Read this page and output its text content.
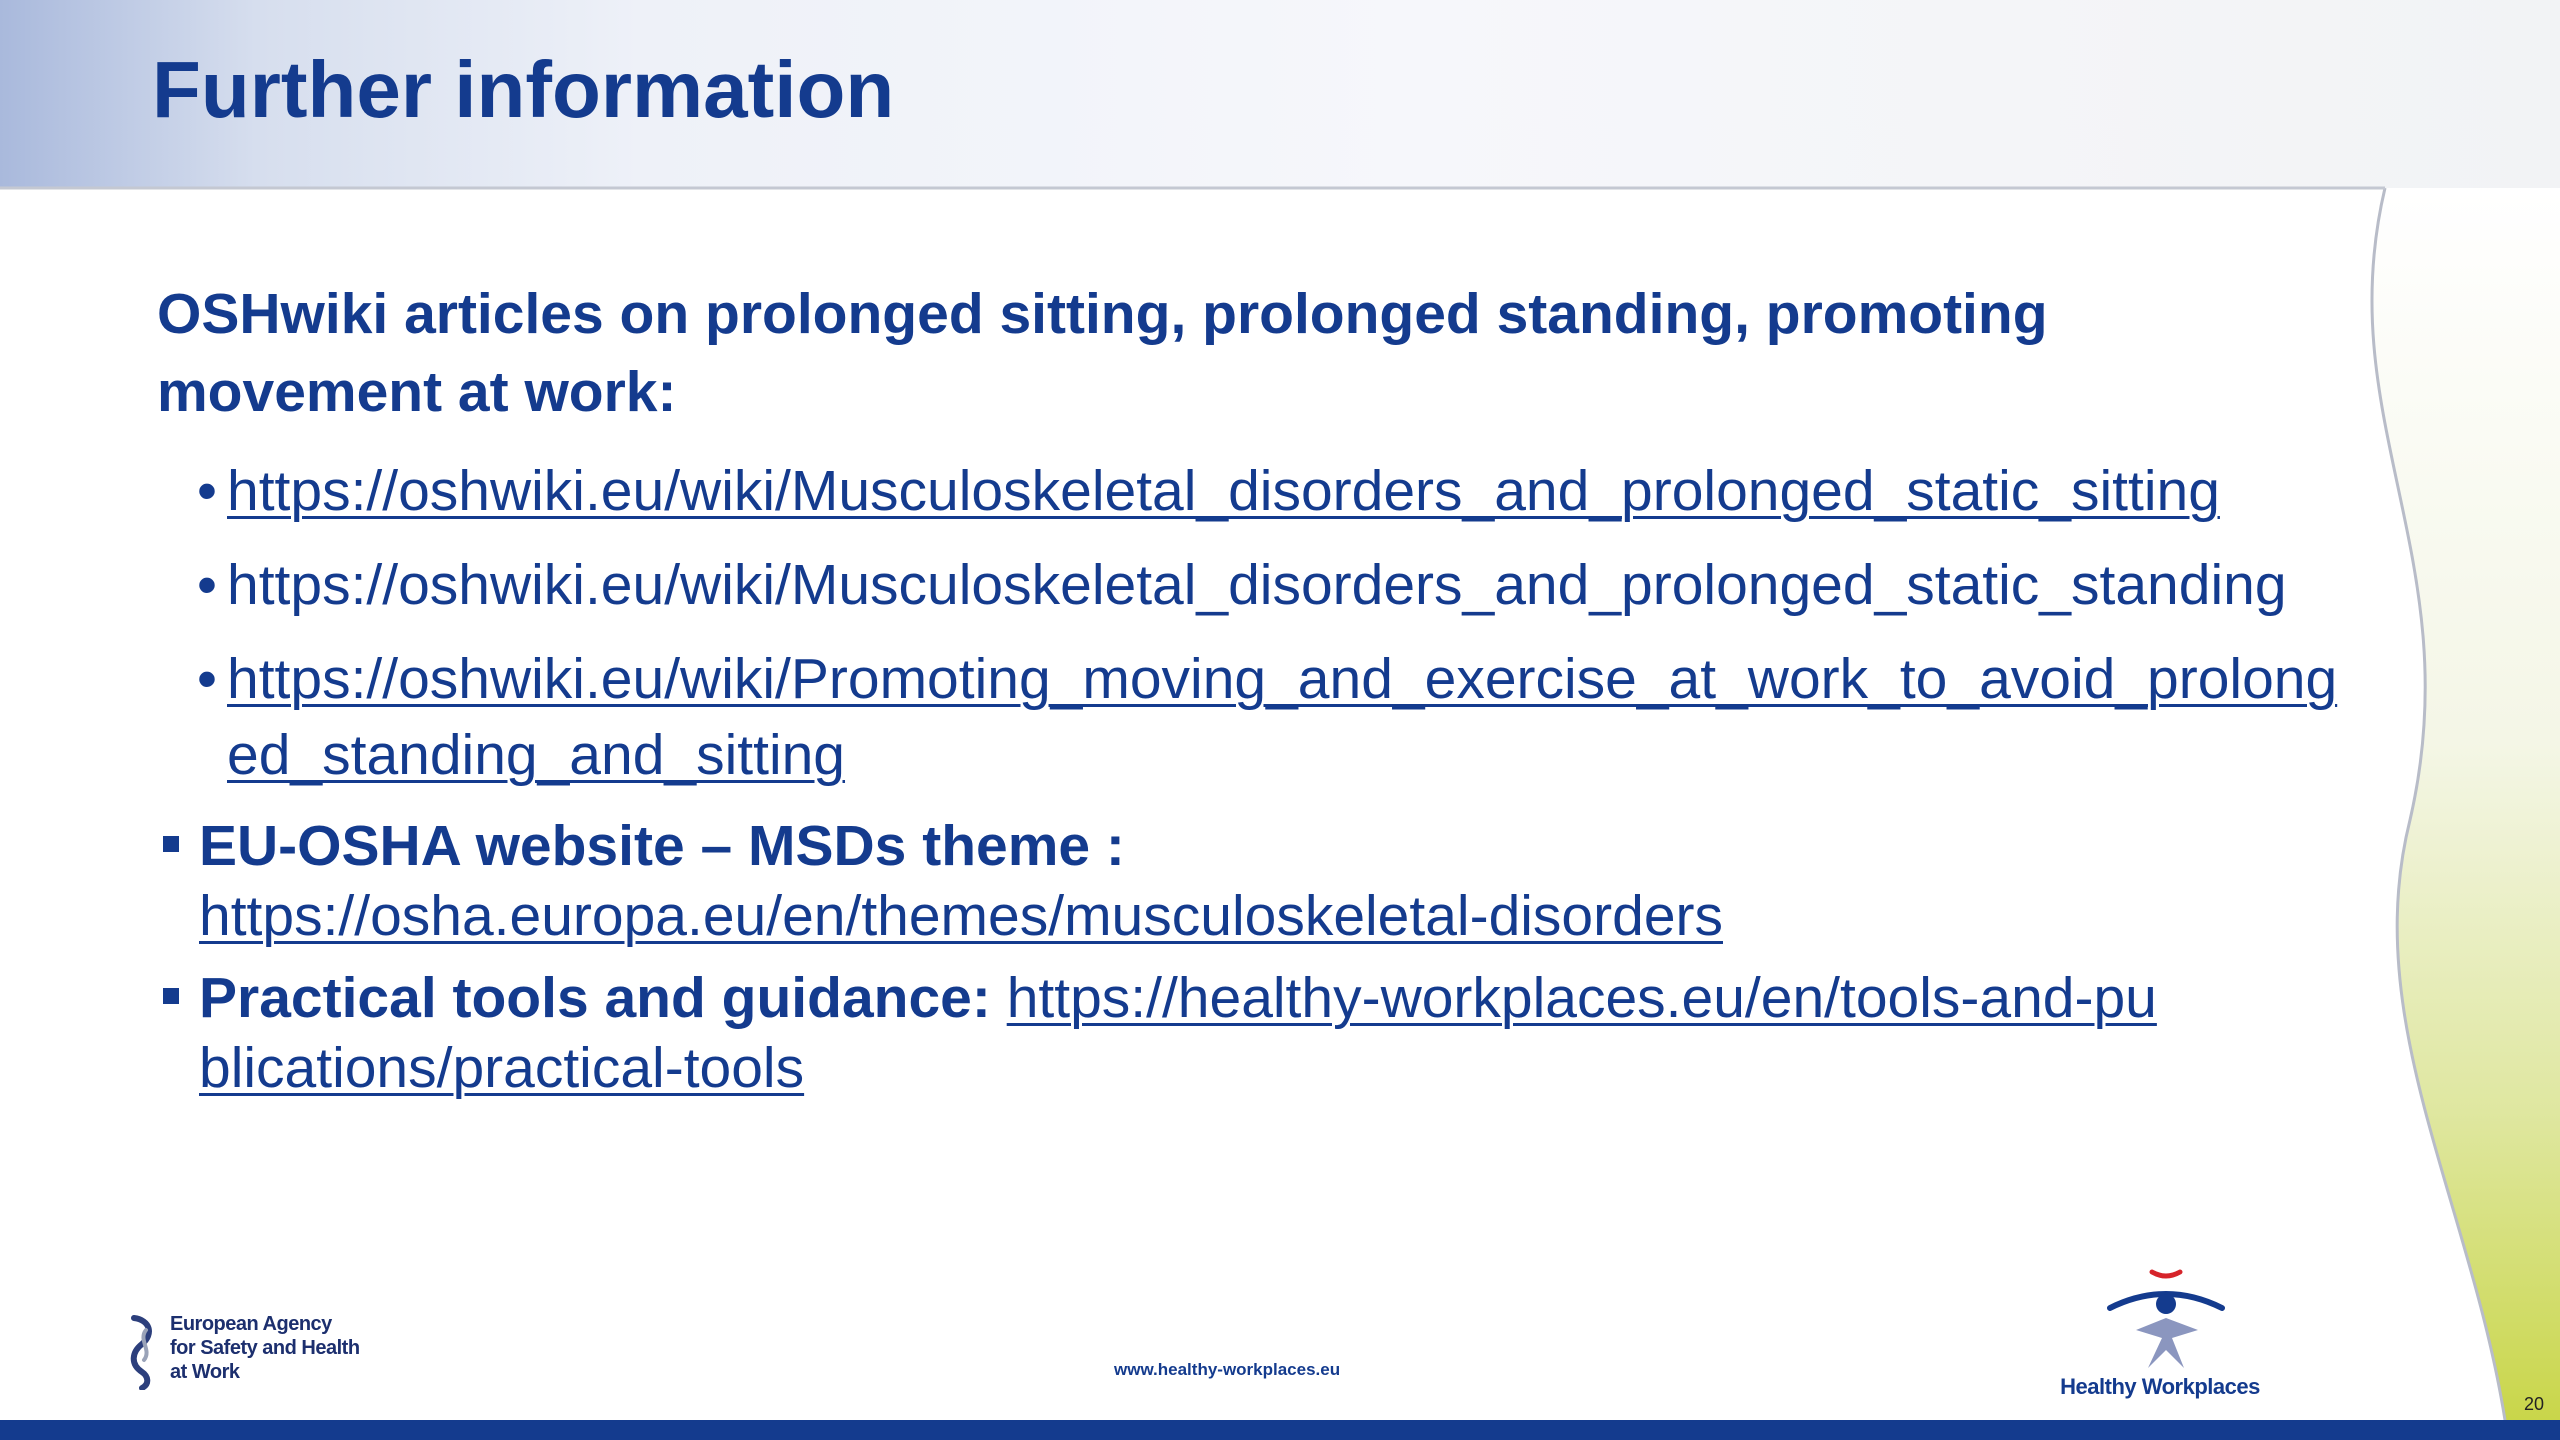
Further information

OSHwiki articles on prolonged sitting, prolonged standing, promoting movement at work:

• https://oshwiki.eu/wiki/Musculoskeletal_disorders_and_prolonged_static_sitting
• https://oshwiki.eu/wiki/Musculoskeletal_disorders_and_prolonged_static_standing
• https://oshwiki.eu/wiki/Promoting_moving_and_exercise_at_work_to_avoid_prolonged_standing_and_sitting
EU-OSHA website – MSDs theme :
https://osha.europa.eu/en/themes/musculoskeletal-disorders
Practical tools and guidance: https://healthy-workplaces.eu/en/tools-and-publications/practical-tools
European Agency
for Safety and Health
at Work	www.healthy-workplaces.eu
Healthy Workplaces
20
